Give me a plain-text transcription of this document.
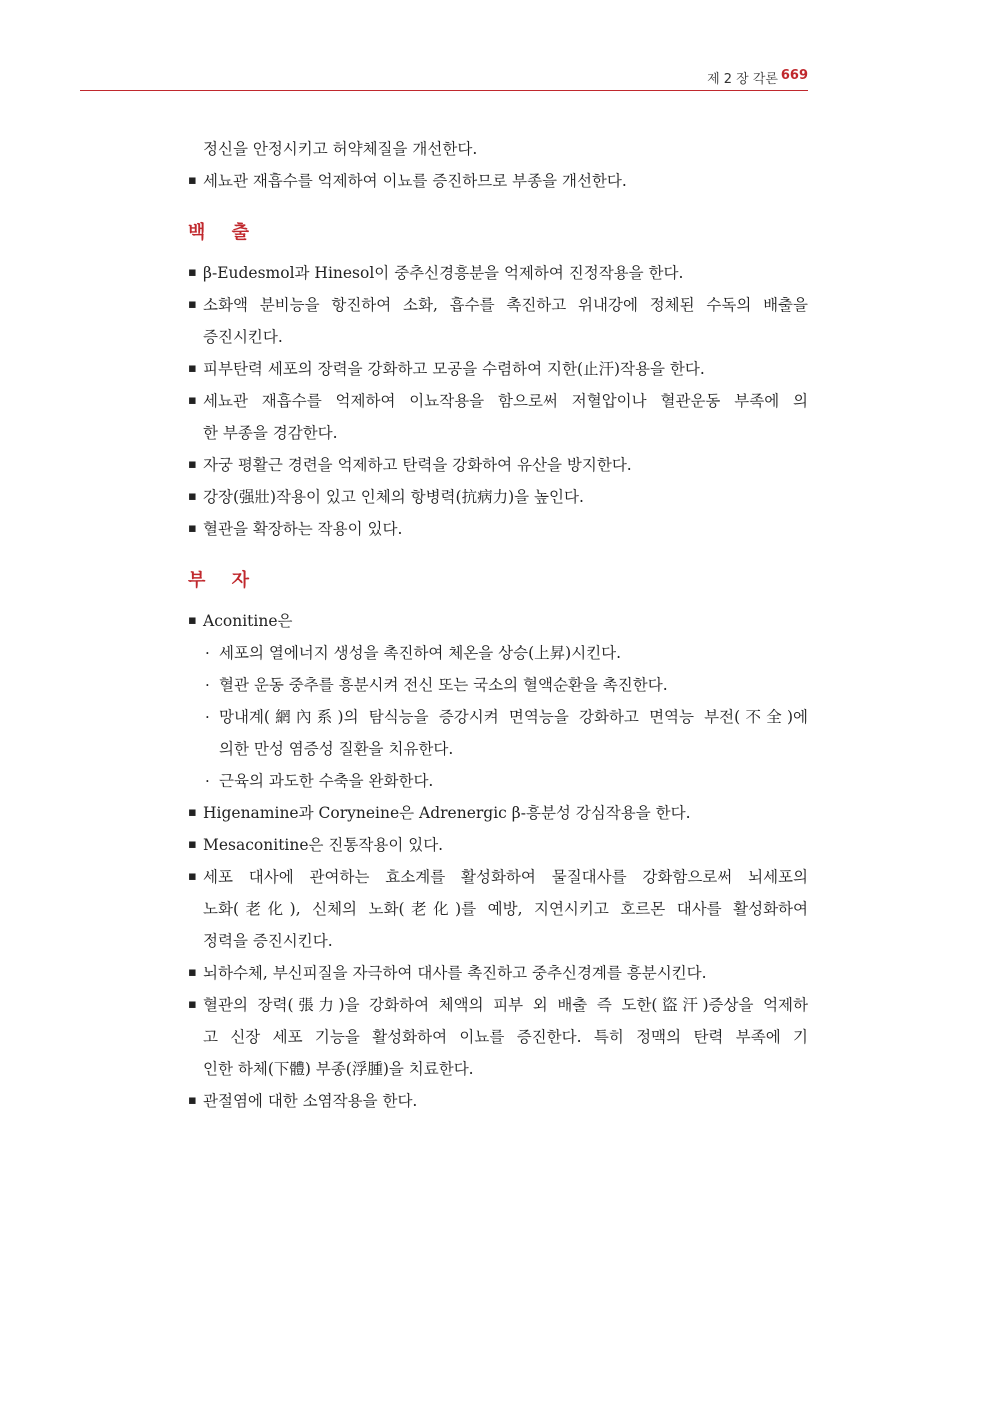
제 2 장 각론 669
정신을 안정시키고 허약체질을 개선한다.
▪ 세뇨관 재흡수를 억제하여 이뇨를 증진하므로 부종을 개선한다.
백 출
▪ β-Eudesmol과 Hinesol이 중추신경흥분을 억제하여 진정작용을 한다.
▪ 소화액 분비능을 항진하여 소화, 흡수를 촉진하고 위내강에 정체된 수독의 배출을
증진시킨다.
▪ 피부탄력 세포의 장력을 강화하고 모공을 수렴하여 지한(止汗)작용을 한다.
▪ 세뇨관 재흡수를 억제하여 이뇨작용을 함으로써 저혈압이나 혈관운동 부족에 의
한 부종을 경감한다.
▪ 자궁 평활근 경련을 억제하고 탄력을 강화하여 유산을 방지한다.
▪ 강장(强壯)작용이 있고 인체의 항병력(抗病力)을 높인다.
▪ 혈관을 확장하는 작용이 있다.
부 자
▪ Aconitine은
· 세포의 열에너지 생성을 촉진하여 체온을 상승(上昇)시킨다.
· 혈관 운동 중추를 흥분시켜 전신 또는 국소의 혈액순환을 촉진한다.
· 망내계(網內系)의 탐식능을 증강시켜 면역능을 강화하고 면역능 부전(不全)에
의한 만성 염증성 질환을 치유한다.
· 근육의 과도한 수축을 완화한다.
▪ Higenamine과 Coryneine은 Adrenergic β-흥분성 강심작용을 한다.
▪ Mesaconitine은 진통작용이 있다.
▪ 세포 대사에 관여하는 효소계를 활성화하여 물질대사를 강화함으로써 뇌세포의
노화(老化), 신체의 노화(老化)를 예방, 지연시키고 호르몬 대사를 활성화하여
정력을 증진시킨다.
▪ 뇌하수체, 부신피질을 자극하여 대사를 촉진하고 중추신경계를 흥분시킨다.
▪ 혈관의 장력(張力)을 강화하여 체액의 피부 외 배출 즉 도한(盜汗)증상을 억제하
고 신장 세포 기능을 활성화하여 이뇨를 증진한다. 특히 정맥의 탄력 부족에 기
인한 하체(下體) 부종(浮腫)을 치료한다.
▪ 관절염에 대한 소염작용을 한다.
